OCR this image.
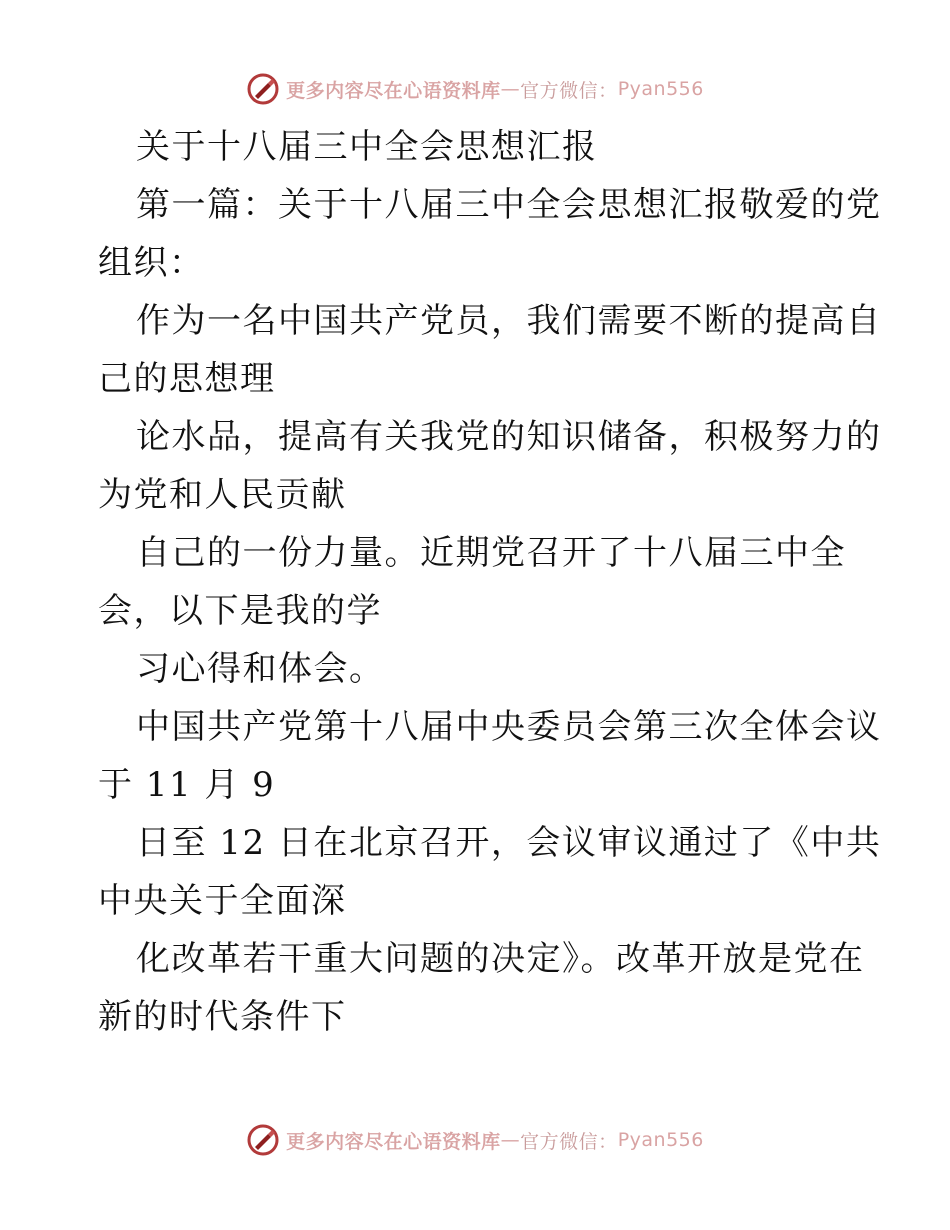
更多内容尽在心语资料库 — 官方微信： Pyan556
关于十八届三中全会思想汇报
第一篇：关于十八届三中全会思想汇报敬爱的党
组织：
作为一名中国共产党员，我们需要不断的提高自
己的思想理
论水品，提高有关我党的知识储备，积极努力的
为党和人民贡献
自己的一份力量。近期党召开了十八届三中全
会，以下是我的学
习心得和体会。
中国共产党第十八届中央委员会第三次全体会议
于 11 月 9
日至 12 日在北京召开，会议审议通过了《中共
中央关于全面深
化改革若干重大问题的决定》。改革开放是党在
新的时代条件下
更多内容尽在心语资料库 — 官方微信： Pyan556
